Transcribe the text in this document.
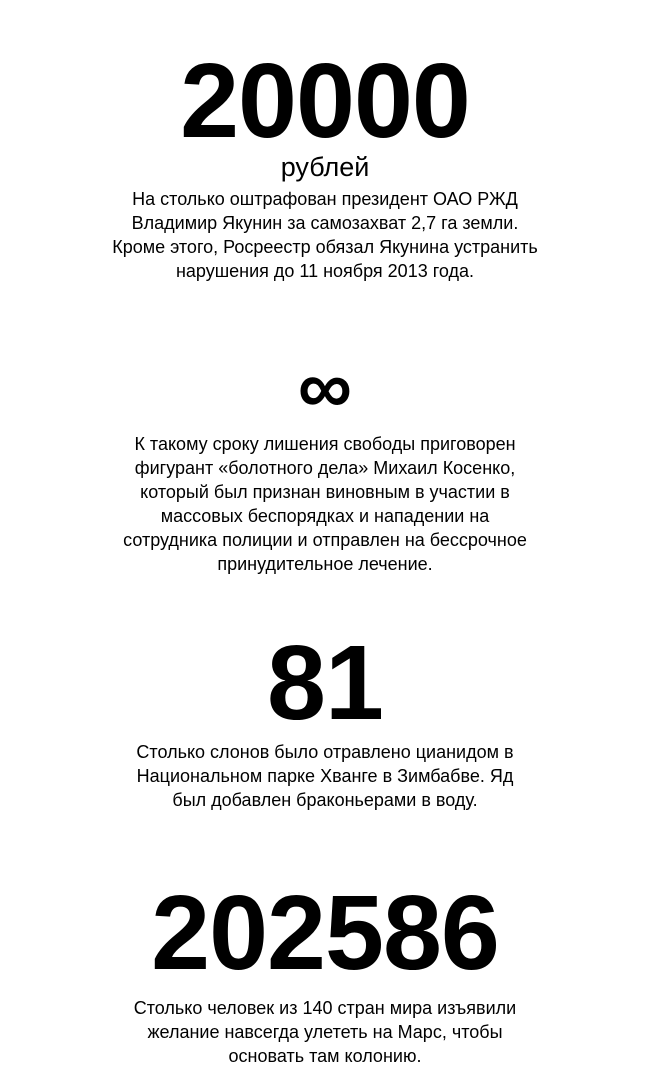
20000
рублей
На столько оштрафован президент ОАО РЖД
Владимир Якунин за самозахват 2,7 га земли.
Кроме этого, Росреестр обязал Якунина устранить
нарушения до 11 ноября 2013 года.
∞
К такому сроку лишения свободы приговорен
фигурант «болотного дела» Михаил Косенко,
который был признан виновным в участии в
массовых беспорядках и нападении на
сотрудника полиции и отправлен на бессрочное
принудительное лечение.
81
Столько слонов было отравлено цианидом в
Национальном парке Хванге в Зимбабве. Яд
был добавлен браконьерами в воду.
202586
Столько человек из 140 стран мира изъявили
желание навсегда улететь на Марс, чтобы
основать там колонию.
